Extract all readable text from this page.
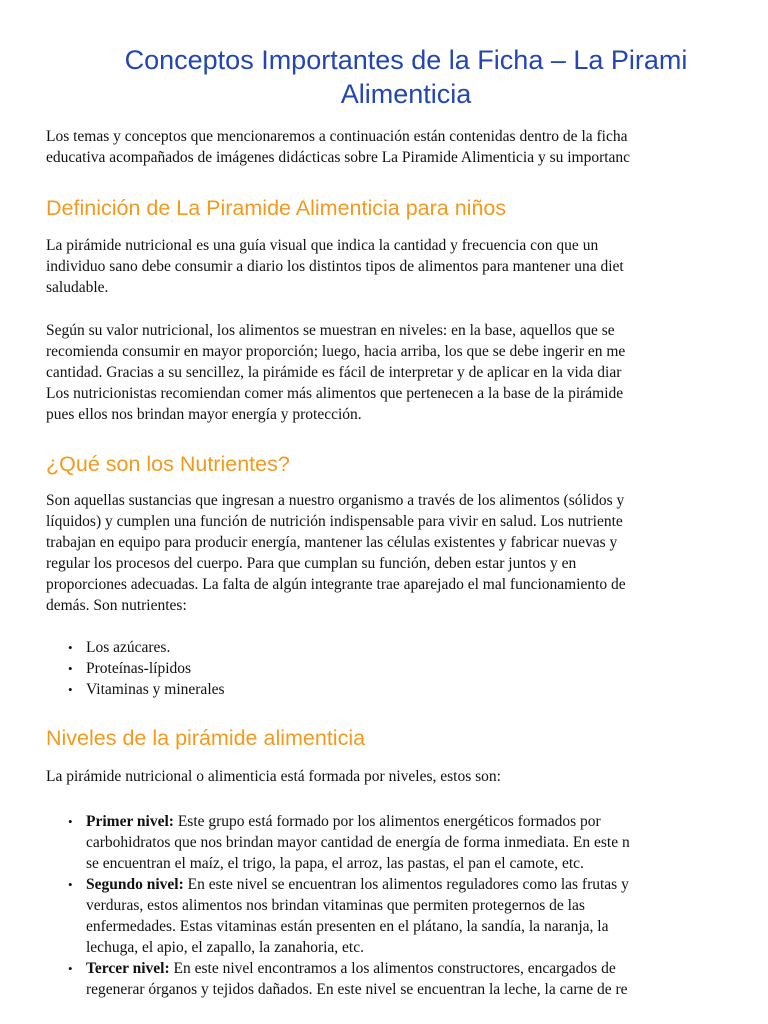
Conceptos Importantes de la Ficha – La Pirami
Alimenticia

Los temas y conceptos que mencionaremos a continuación están contenidas dentro de la ficha
educativa acompañados de imágenes didácticas sobre La Piramide Alimenticia y su importanc

Definición de La Piramide Alimenticia para niños

La pirámide nutricional es una guía visual que indica la cantidad y frecuencia con que un
individuo sano debe consumir a diario los distintos tipos de alimentos para mantener una diet
saludable.

Según su valor nutricional, los alimentos se muestran en niveles: en la base, aquellos que se
recomienda consumir en mayor proporción; luego, hacia arriba, los que se debe ingerir en me
cantidad. Gracias a su sencillez, la pirámide es fácil de interpretar y de aplicar en la vida diar
Los nutricionistas recomiendan comer más alimentos que pertenecen a la base de la pirámide
pues ellos nos brindan mayor energía y protección.

¿Qué son los Nutrientes?

Son aquellas sustancias que ingresan a nuestro organismo a través de los alimentos (sólidos y
líquidos) y cumplen una función de nutrición indispensable para vivir en salud. Los nutriente
trabajan en equipo para producir energía, mantener las células existentes y fabricar nuevas y
regular los procesos del cuerpo. Para que cumplan su función, deben estar juntos y en
proporciones adecuadas. La falta de algún integrante trae aparejado el mal funcionamiento de
demás. Son nutrientes:

• Los azúcares.
• Proteínas-lípidos
• Vitaminas y minerales
Niveles de la pirámide alimenticia

La pirámide nutricional o alimenticia está formada por niveles, estos son:

• Primer nivel: Este grupo está formado por los alimentos energéticos formados por
carbohidratos que nos brindan mayor cantidad de energía de forma inmediata. En este n
se encuentran el maíz, el trigo, la papa, el arroz, las pastas, el pan el camote, etc.
• Segundo nivel: En este nivel se encuentran los alimentos reguladores como las frutas y
verduras, estos alimentos nos brindan vitaminas que permiten protegernos de las
enfermedades. Estas vitaminas están presenten en el plátano, la sandía, la naranja, la
lechuga, el apio, el zapallo, la zanahoria, etc.
• Tercer nivel: En este nivel encontramos a los alimentos constructores, encargados de
regenerar órganos y tejidos dañados. En este nivel se encuentran la leche, la carne de re
